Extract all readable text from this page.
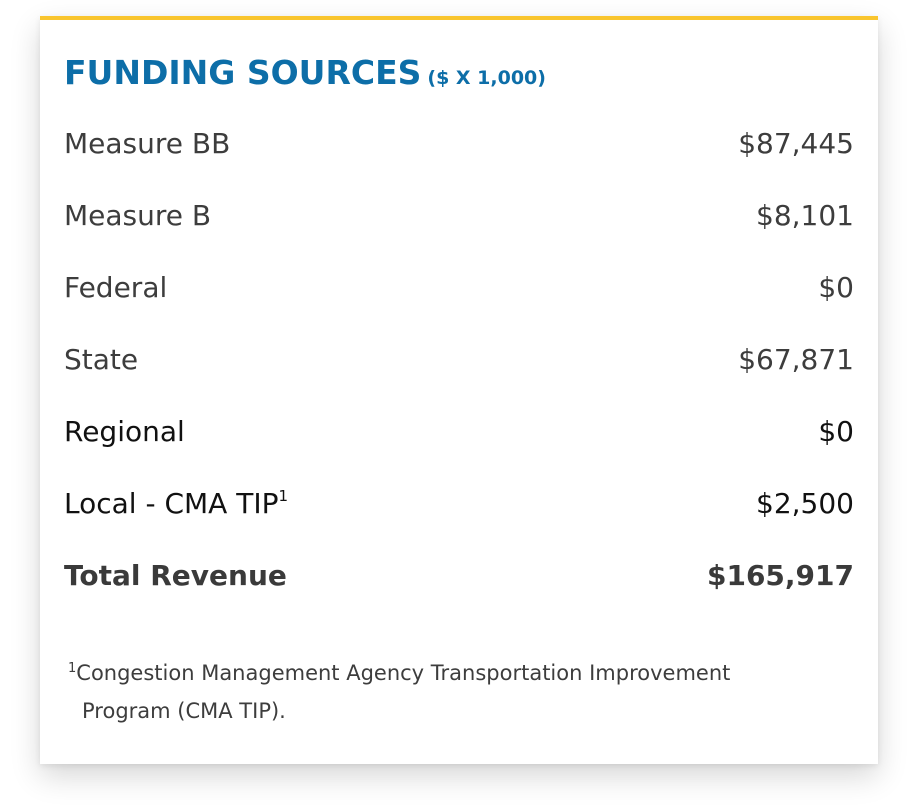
FUNDING SOURCES ($ X 1,000)
Measure BB	$87,445
Measure B	$8,101
Federal	$0
State	$67,871
Regional	$0
Local - CMA TIP$^1$	$2,500
Total Revenue	$165,917
$^1$Congestion Management Agency Transportation Improvement
Program (CMA TIP).
